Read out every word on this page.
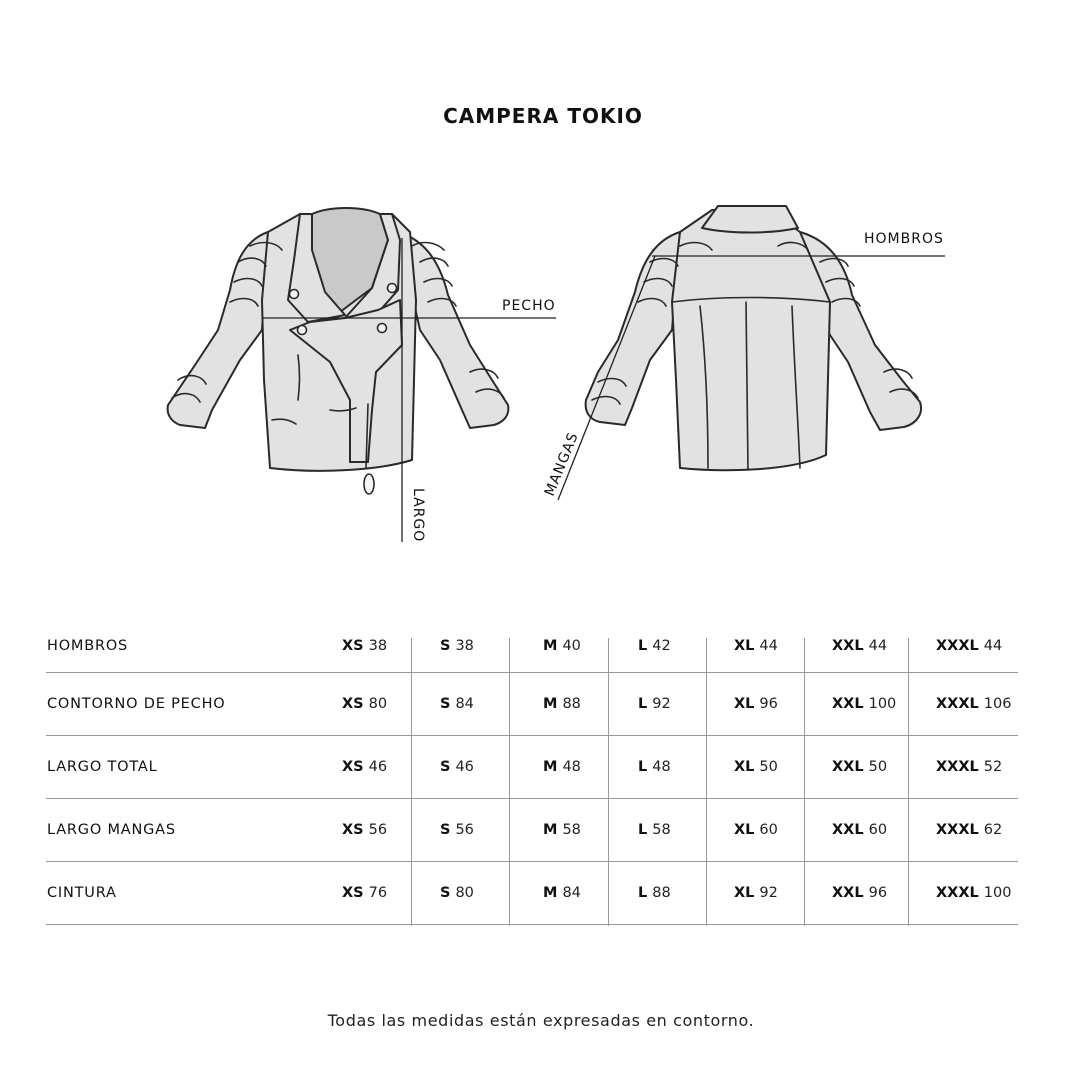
CAMPERA TOKIO
PECHO
HOMBROS
LARGO
MANGAS
HOMBROS	XS 38	S 38	M 40	L 42	XL 44	XXL 44	XXXL 44
CONTORNO DE PECHO	XS 80	S 84	M 88	L 92	XL 96	XXL 100	XXXL 106
LARGO TOTAL	XS 46	S 46	M 48	L 48	XL 50	XXL 50	XXXL 52
LARGO MANGAS	XS 56	S 56	M 58	L 58	XL 60	XXL 60	XXXL 62
CINTURA	XS 76	S 80	M 84	L 88	XL 92	XXL 96	XXXL 100
Todas las medidas están expresadas en contorno.
